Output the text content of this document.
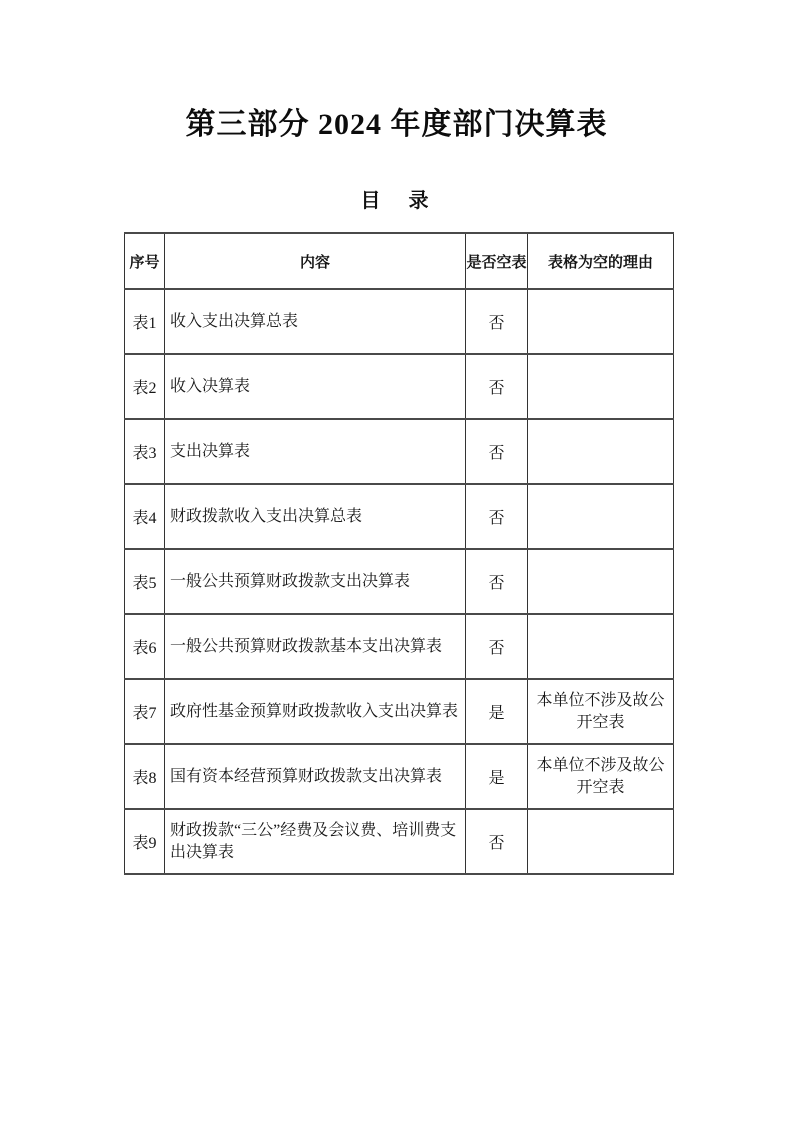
第三部分 2024 年度部门决算表
目　录
序号	内容	是否空表	表格为空的理由
表1	收入支出决算总表	否	
表2	收入决算表	否	
表3	支出决算表	否	
表4	财政拨款收入支出决算总表	否	
表5	一般公共预算财政拨款支出决算表	否	
表6	一般公共预算财政拨款基本支出决算表	否	
表7	政府性基金预算财政拨款收入支出决算表	是	本单位不涉及故公开空表
表8	国有资本经营预算财政拨款支出决算表	是	本单位不涉及故公开空表
表9	财政拨款“三公”经费及会议费、培训费支出决算表	否	
